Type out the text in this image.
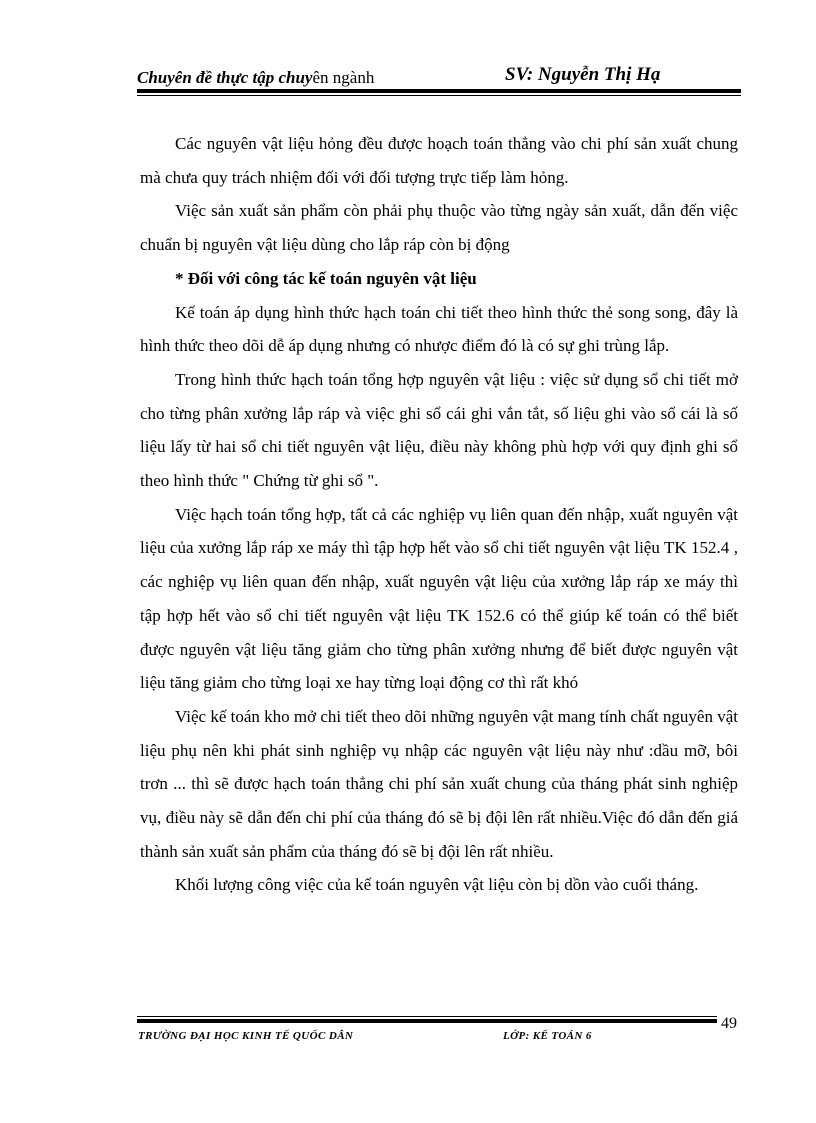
Chuyên đề thực tập chuyên ngành	SV: Nguyễn Thị Hạ

Các nguyên vật liệu hỏng đều được hoạch toán thẳng vào chi phí sản xuất chung mà chưa quy trách nhiệm đối với đối tượng trực tiếp làm hỏng.

Việc sản xuất sản phẩm còn phải phụ thuộc vào từng ngày sản xuất, dẫn đến việc chuẩn bị nguyên vật liệu dùng cho lắp ráp còn bị động

* Đối với công tác kế toán nguyên vật liệu

Kế toán áp dụng hình thức hạch toán chi tiết theo hình thức thẻ song song, đây là hình thức theo dõi dễ áp dụng nhưng có nhược điểm đó là có sự ghi trùng lắp.

Trong hình thức hạch toán tổng hợp nguyên vật liệu : việc sử dụng sổ chi tiết mở cho từng phân xưởng lắp ráp và việc ghi sổ cái ghi vắn tắt, số liệu ghi vào sổ cái là số liệu lấy từ hai sổ chi tiết nguyên vật liệu, điều này không phù hợp với quy định ghi sổ theo hình thức " Chứng từ ghi sổ ".

Việc hạch toán tổng hợp, tất cả các nghiệp vụ liên quan đến nhập, xuất nguyên vật liệu của xưởng lắp ráp xe máy thì tập hợp hết vào sổ chi tiết nguyên vật liệu TK 152.4 , các nghiệp vụ liên quan đến nhập, xuất nguyên vật liệu của xưởng lắp ráp xe máy thì tập hợp hết vào sổ chi tiết nguyên vật liệu TK 152.6 có thể giúp kế toán có thể biết được nguyên vật liệu tăng giảm cho từng phân xưởng nhưng để biết được nguyên vật liệu tăng giảm cho từng loại xe hay từng loại động cơ thì rất khó

Việc kế toán kho mở chi tiết theo dõi những nguyên vật mang tính chất nguyên vật liệu phụ nên khi phát sinh nghiệp vụ nhập các nguyên vật liệu này như :dầu mỡ, bôi trơn ... thì sẽ được hạch toán thẳng chi phí sản xuất chung của tháng phát sinh nghiệp vụ, điều này sẽ dẫn đến chi phí của tháng đó sẽ bị đội lên rất nhiều.Việc đó dẫn đến giá thành sản xuất sản phẩm của tháng đó sẽ bị đội lên rất nhiều.

Khối lượng công việc của kế toán nguyên vật liệu còn bị dồn vào cuối tháng.

49
TRƯỜNG ĐẠI HỌC KINH TẾ QUỐC DÂN	LỚP: KẾ TOÁN 6
